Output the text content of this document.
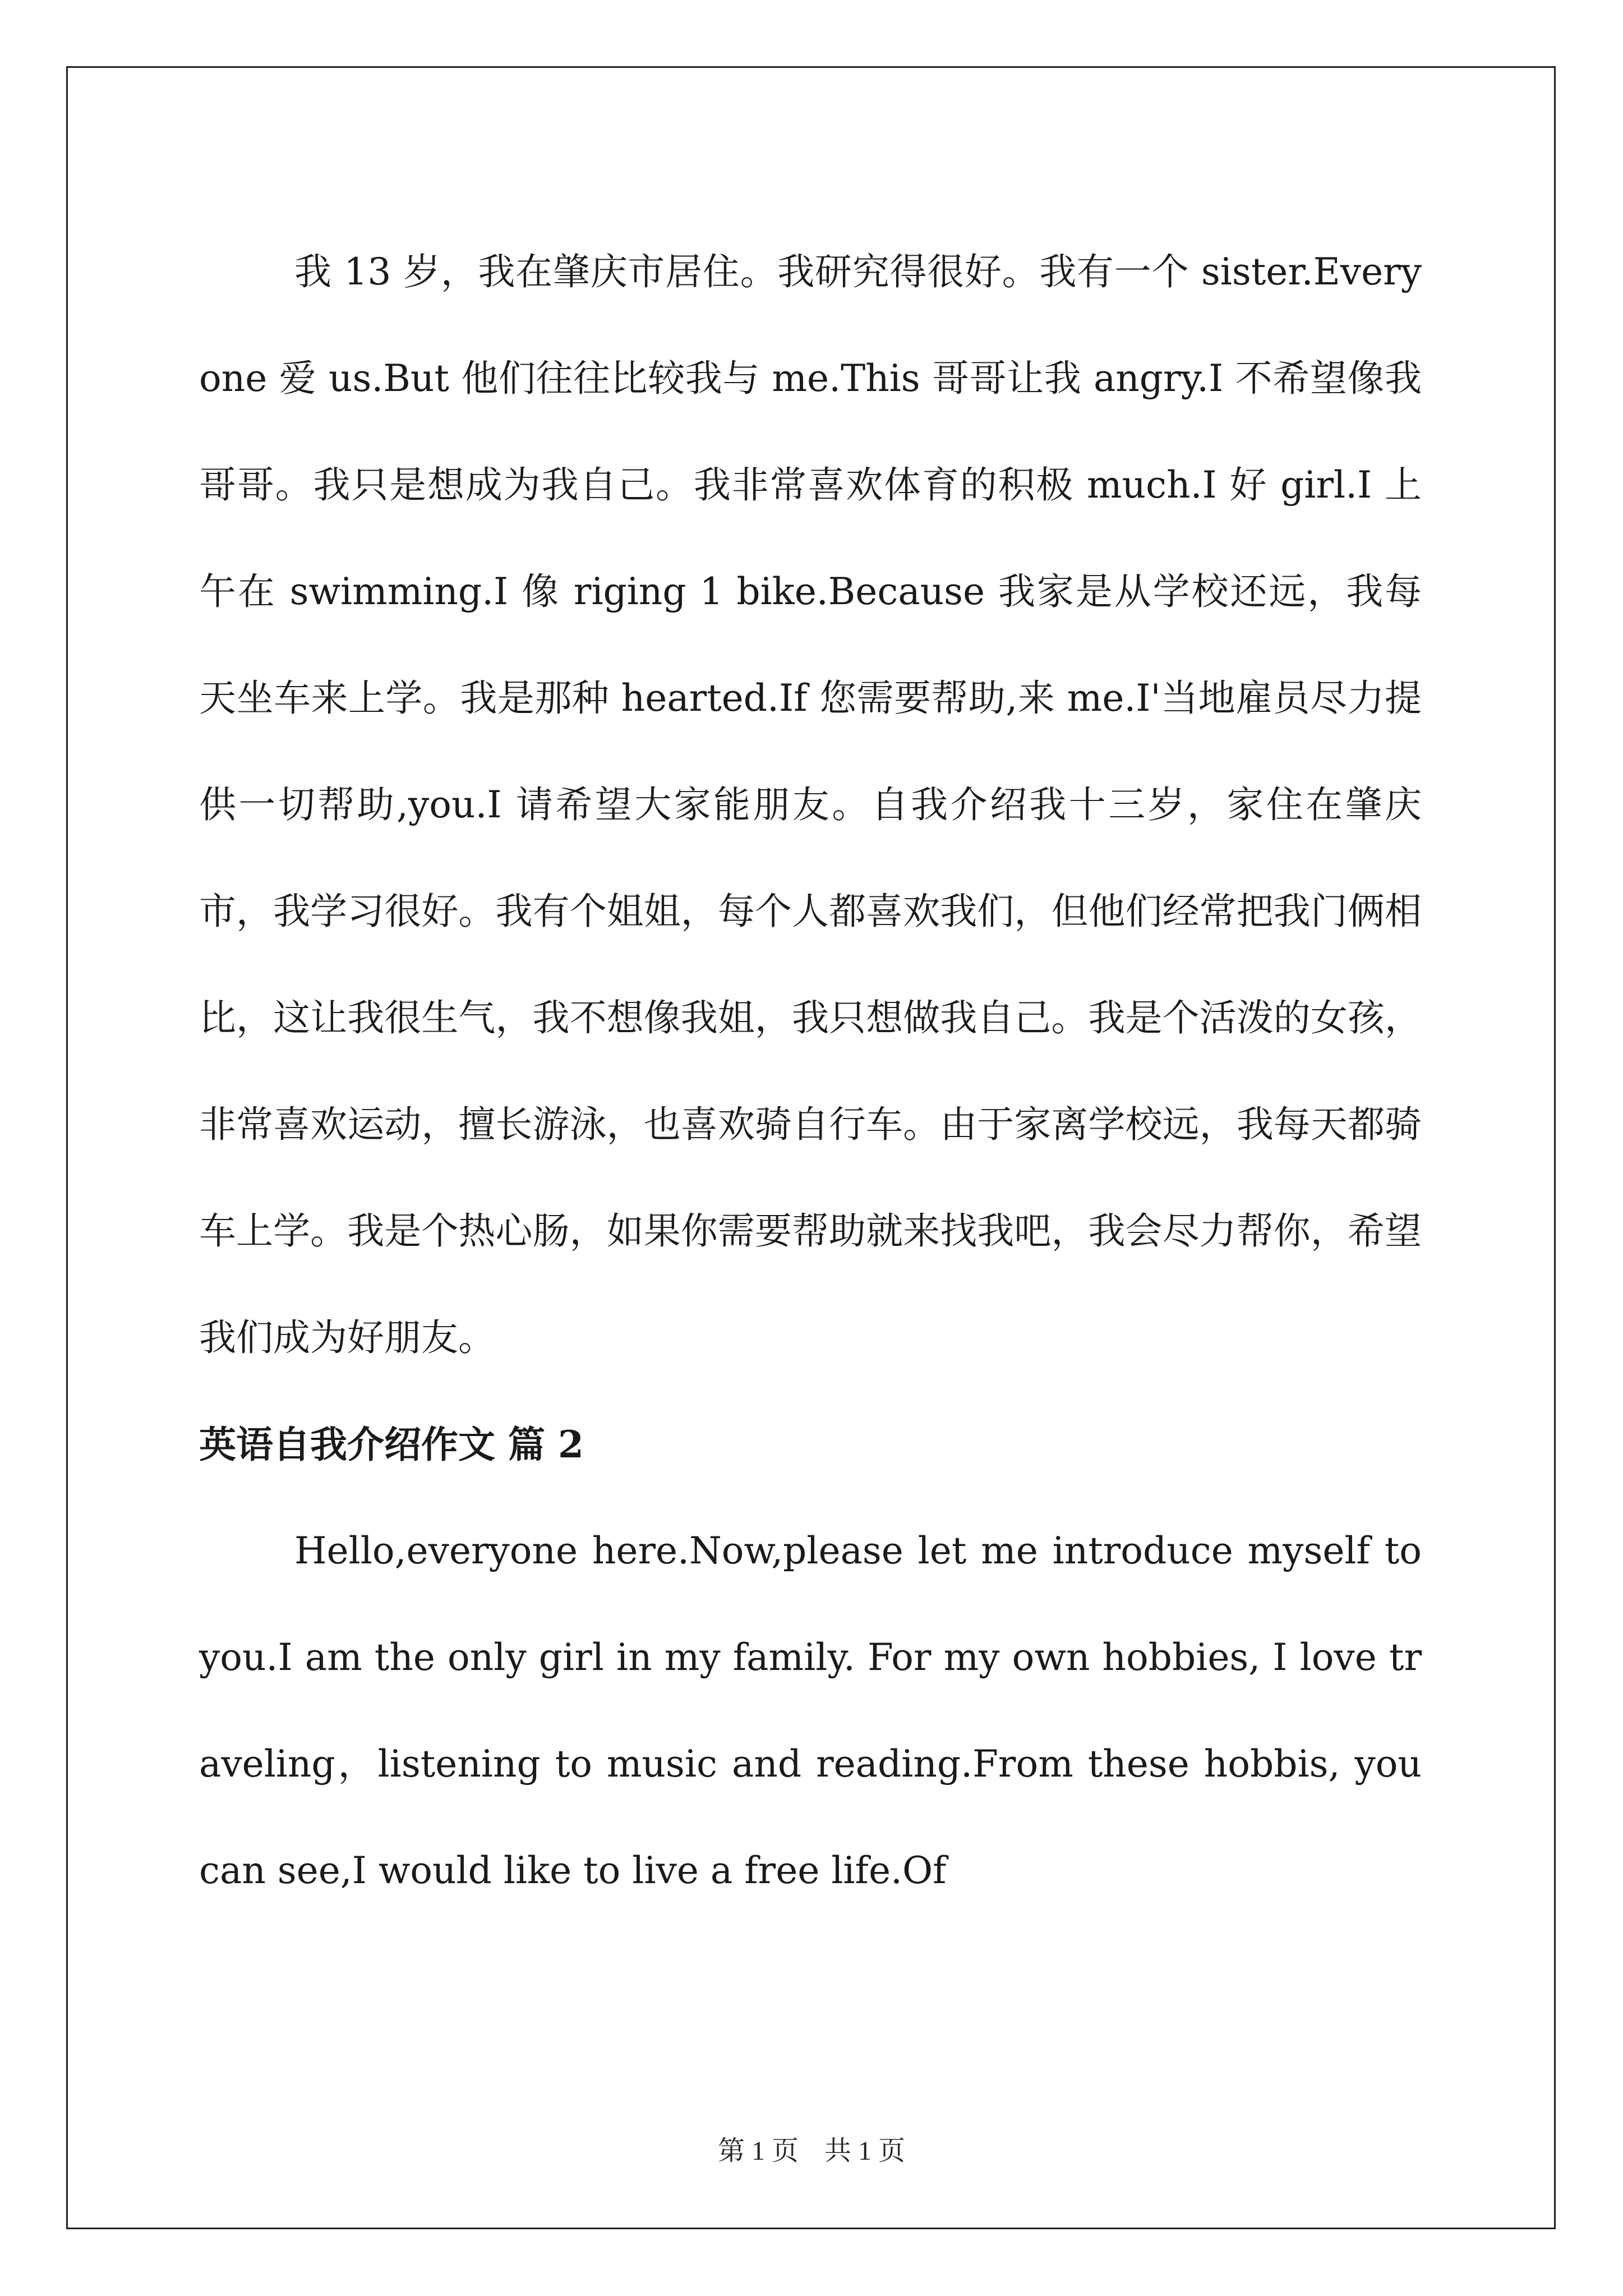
我 13 岁，我在肇庆市居住。我研究得很好。我有一个 sister.Everyone 爱 us.But 他们往往比较我与 me.This 哥哥让我 angry.I 不希望像我哥哥。我只是想成为我自己。我非常喜欢体育的积极 much.I 好 girl.I 上午在 swimming.I 像 riging 1 bike.Because 我家是从学校还远，我每天坐车来上学。我是那种 hearted.If 您需要帮助,来 me.I'当地雇员尽力提供一切帮助,you.I 请希望大家能朋友。自我介绍我十三岁，家住在肇庆市，我学习很好。我有个姐姐，每个人都喜欢我们，但他们经常把我门俩相比，这让我很生气，我不想像我姐，我只想做我自己。我是个活泼的女孩，非常喜欢运动，擅长游泳，也喜欢骑自行车。由于家离学校远，我每天都骑车上学。我是个热心肠，如果你需要帮助就来找我吧，我会尽力帮你，希望我们成为好朋友。

英语自我介绍作文 篇 2

Hello,everyone here.Now,please let me introduce myself to you.I am the only girl in my family. For my own hobbies, I love traveling，listening to music and reading.From these hobbis, you can see,I would like to live a free life.Of

第 1 页 共 1 页
